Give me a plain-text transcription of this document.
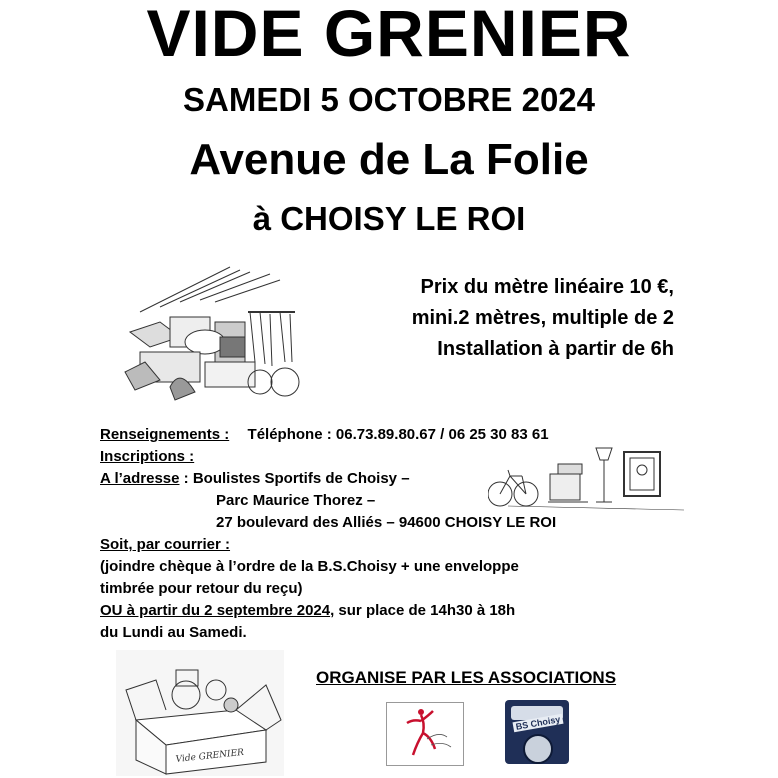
VIDE GRENIER
SAMEDI 5 OCTOBRE 2024
Avenue de La Folie
à CHOISY LE ROI
Prix du mètre linéaire 10 €,
mini.2 mètres, multiple de 2
Installation à partir de 6h
Renseignements : Téléphone : 06.73.89.80.67 / 06 25 30 83 61
Inscriptions :
A l’adresse : Boulistes Sportifs de Choisy –
Parc Maurice Thorez –
27 boulevard des Alliés – 94600 CHOISY LE ROI
Soit, par courrier :
(joindre chèque à l’ordre de la B.S.Choisy + une enveloppe
timbrée pour retour du reçu)
OU à partir du 2 septembre 2024, sur place de 14h30 à 18h
du Lundi au Samedi.
Vide GRENIER
ORGANISE PAR LES ASSOCIATIONS
BS Choisy
